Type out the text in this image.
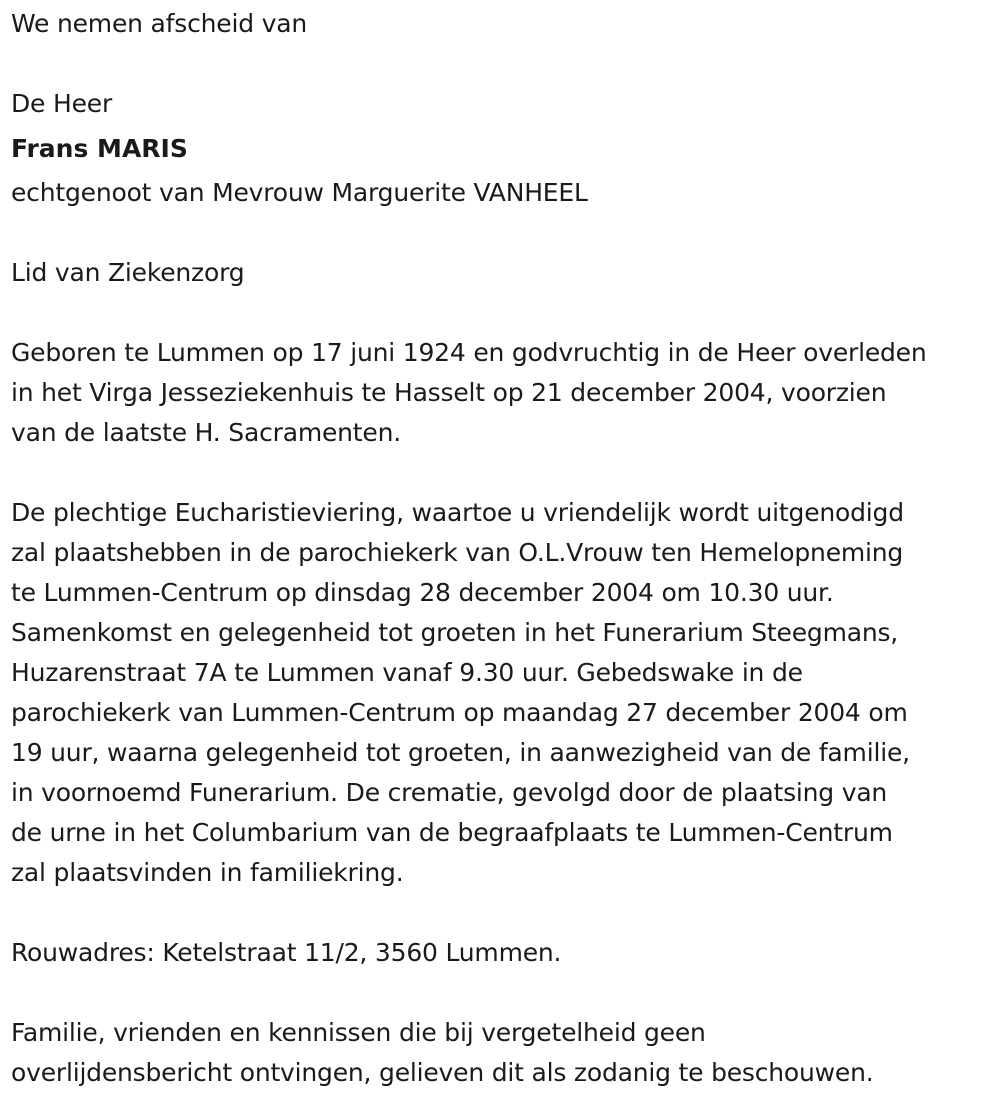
We nemen afscheid van
De Heer
Frans MARIS
echtgenoot van Mevrouw Marguerite VANHEEL
Lid van Ziekenzorg
Geboren te Lummen op 17 juni 1924 en godvruchtig in de Heer overleden
in het Virga Jesseziekenhuis te Hasselt op 21 december 2004, voorzien
van de laatste H. Sacramenten.
De plechtige Eucharistieviering, waartoe u vriendelijk wordt uitgenodigd
zal plaatshebben in de parochiekerk van O.L.Vrouw ten Hemelopneming
te Lummen-Centrum op dinsdag 28 december 2004 om 10.30 uur.
Samenkomst en gelegenheid tot groeten in het Funerarium Steegmans,
Huzarenstraat 7A te Lummen vanaf 9.30 uur. Gebedswake in de
parochiekerk van Lummen-Centrum op maandag 27 december 2004 om
19 uur, waarna gelegenheid tot groeten, in aanwezigheid van de familie,
in voornoemd Funerarium. De crematie, gevolgd door de plaatsing van
de urne in het Columbarium van de begraafplaats te Lummen-Centrum
zal plaatsvinden in familiekring.
Rouwadres: Ketelstraat 11/2, 3560 Lummen.
Familie, vrienden en kennissen die bij vergetelheid geen
overlijdensbericht ontvingen, gelieven dit als zodanig te beschouwen.
